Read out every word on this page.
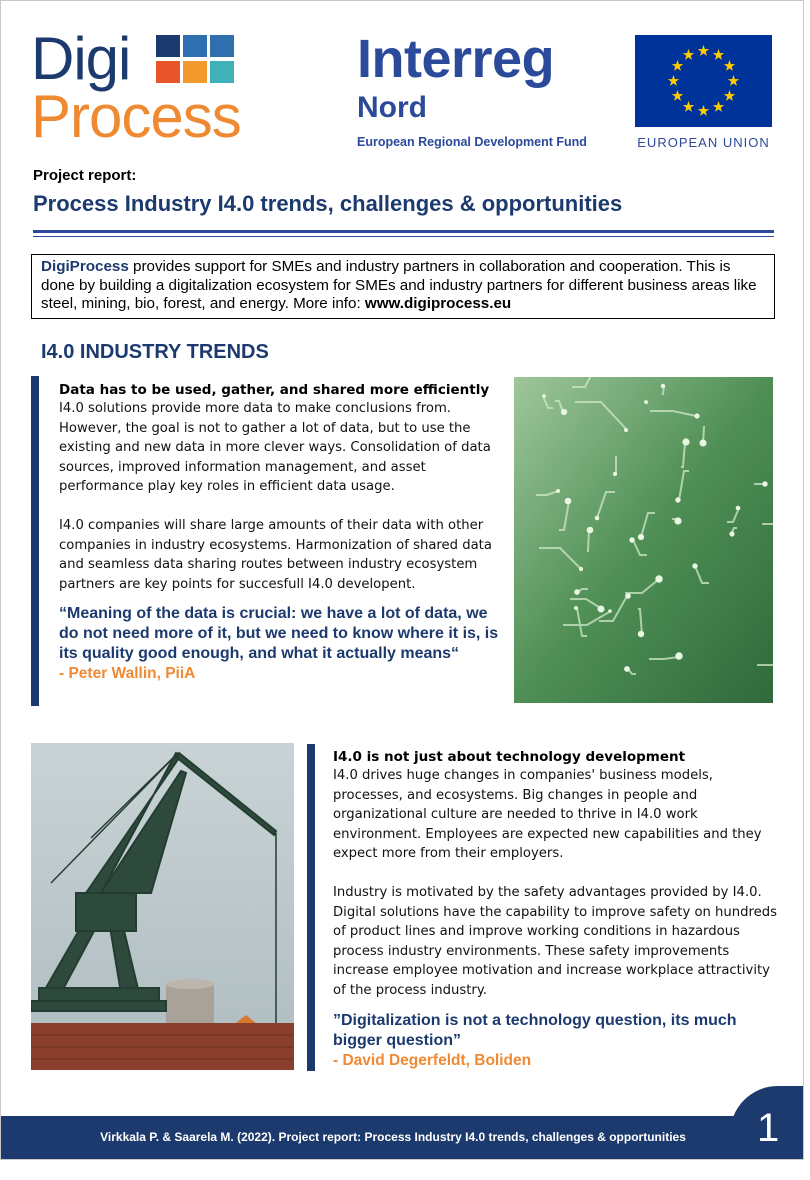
Digi
Process
Interreg
Nord
European Regional Development Fund	EUROPEAN UNION
Project report:
Process Industry I4.0 trends, challenges & opportunities
DigiProcess provides support for SMEs and industry partners in collaboration and cooperation. This is done by building a digitalization ecosystem for SMEs and industry partners for different business areas like steel, mining, bio, forest, and energy. More info: www.digiprocess.eu
I4.0 INDUSTRY TRENDS
Data has to be used, gather, and shared more efficiently
I4.0 solutions provide more data to make conclusions from. However, the goal is not to gather a lot of data, but to use the existing and new data in more clever ways. Consolidation of data sources, improved information management, and asset performance play key roles in efficient data usage.
I4.0 companies will share large amounts of their data with other companies in industry ecosystems. Harmonization of shared data and seamless data sharing routes between industry ecosystem partners are key points for succesfull I4.0 developent.
“Meaning of the data is crucial: we have a lot of data, we do not need more of it, but we need to know where it is, is its quality good enough, and what it actually means“
- Peter Wallin, PiiA
I4.0 is not just about technology development
I4.0 drives huge changes in companies' business models, processes, and ecosystems. Big changes in people and organizational culture are needed to thrive in I4.0 work environment. Employees are expected new capabilities and they expect more from their employers.
Industry is motivated by the safety advantages provided by I4.0. Digital solutions have the capability to improve safety on hundreds of product lines and improve working conditions in hazardous process industry environments. These safety improvements increase employee motivation and increase workplace attractivity of the process industry.
”Digitalization is not a technology question, its much bigger question”
- David Degerfeldt, Boliden
Virkkala P. & Saarela M. (2022). Project report: Process Industry I4.0 trends, challenges & opportunities	1
